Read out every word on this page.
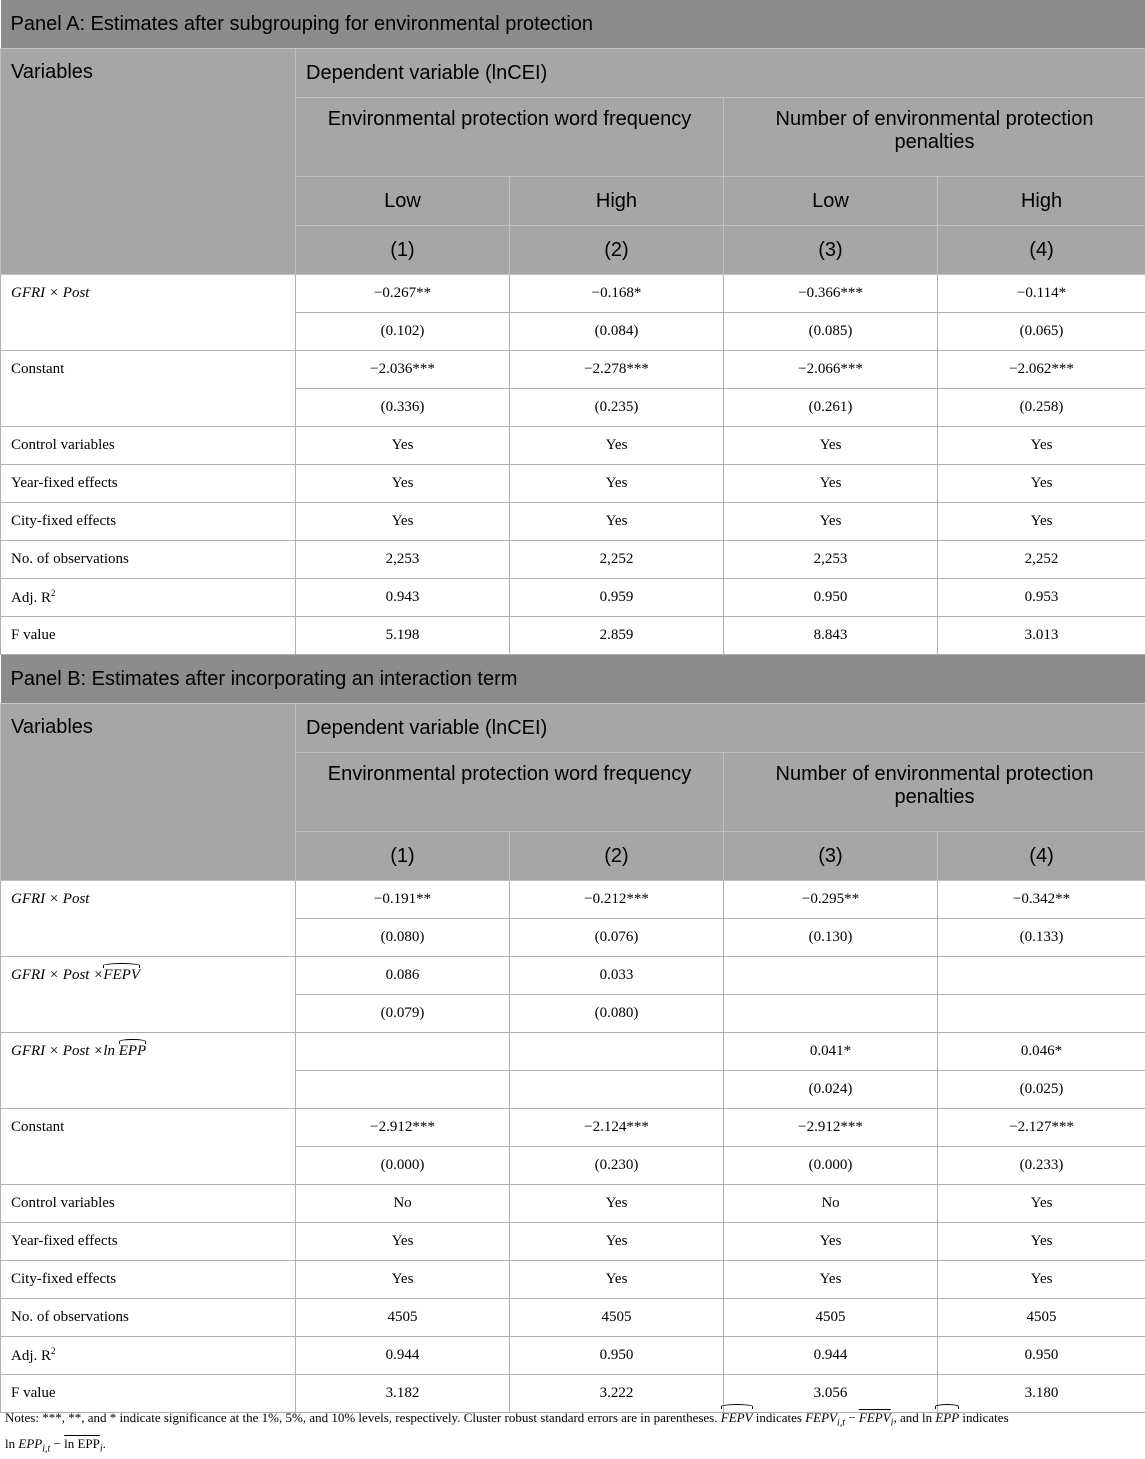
Panel A: Estimates after subgrouping for environmental protection				
Variables	Dependent variable (lnCEI)			
	Environmental protection word frequency		Number of environmental protection penalties	
	Low	High	Low	High
	(1)	(2)	(3)	(4)
GFRI × Post	−0.267**	−0.168*	−0.366***	−0.114*
	(0.102)	(0.084)	(0.085)	(0.065)
Constant	−2.036***	−2.278***	−2.066***	−2.062***
	(0.336)	(0.235)	(0.261)	(0.258)
Control variables	Yes	Yes	Yes	Yes
Year-fixed effects	Yes	Yes	Yes	Yes
City-fixed effects	Yes	Yes	Yes	Yes
No. of observations	2,253	2,252	2,253	2,252
Adj. $R^2$	0.943	0.959	0.950	0.953
F value	5.198	2.859	8.843	3.013
Panel B: Estimates after incorporating an interaction term				
Variables	Dependent variable (lnCEI)			
	Environmental protection word frequency		Number of environmental protection penalties	
	(1)	(2)	(3)	(4)
GFRI × Post	−0.191**	−0.212***	−0.295**	−0.342**
	(0.080)	(0.076)	(0.130)	(0.133)
GFRI × Post ×FEPV	0.086	0.033		
	(0.079)	(0.080)		
GFRI × Post ×ln EPP			0.041*	0.046*
			(0.024)	(0.025)
Constant	−2.912***	−2.124***	−2.912***	−2.127***
	(0.000)	(0.230)	(0.000)	(0.233)
Control variables	No	Yes	No	Yes
Year-fixed effects	Yes	Yes	Yes	Yes
City-fixed effects	Yes	Yes	Yes	Yes
No. of observations	4505	4505	4505	4505
Adj. $R^2$	0.944	0.950	0.944	0.950
F value	3.182	3.222	3.056	3.180
Notes: ***, **, and * indicate significance at the 1%, 5%, and 10% levels, respectively. Cluster robust standard errors are in parentheses. FEPV indicates $FEPV_{i,t}$ − $FEPV_i$, and ln EPP indicates
$\ln EPP_{i,t} - \ln EPP_i$.
